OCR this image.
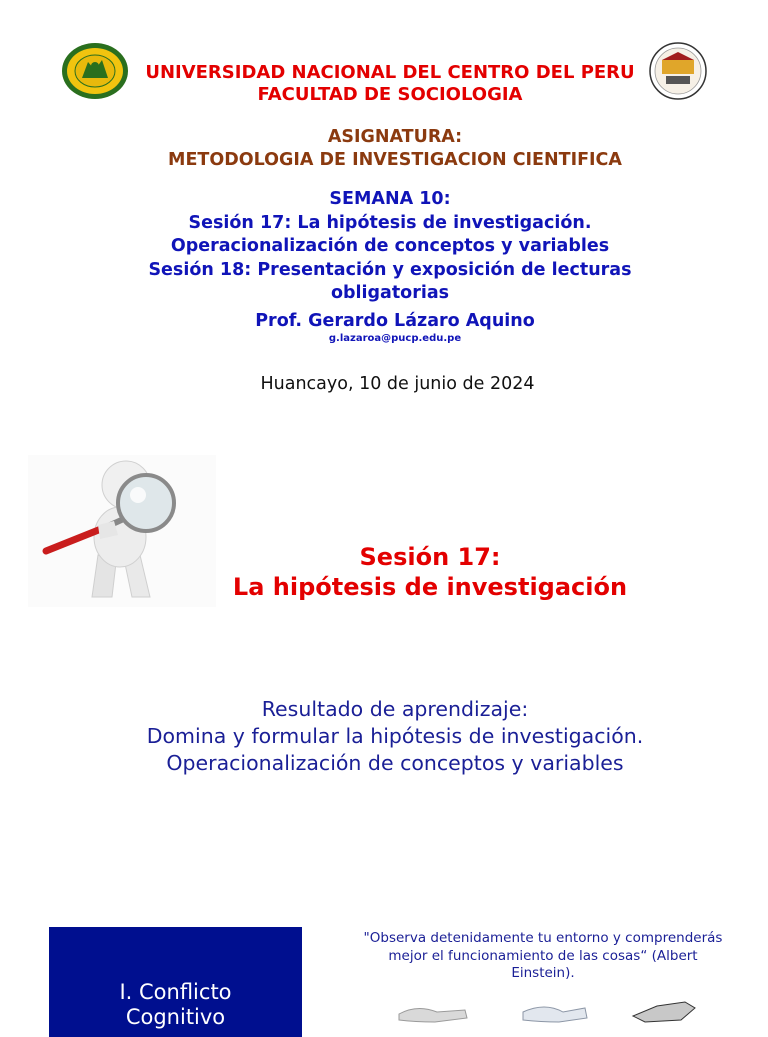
UNIVERSIDAD NACIONAL DEL CENTRO DEL PERU
FACULTAD DE SOCIOLOGIA
ASIGNATURA:
METODOLOGIA DE INVESTIGACION CIENTIFICA
SEMANA 10:
Sesión 17: La hipótesis de investigación.
Operacionalización de conceptos y variables
Sesión 18: Presentación y exposición de lecturas
obligatorias
Prof. Gerardo Lázaro Aquino
g.lazaroa@pucp.edu.pe
Huancayo, 10 de junio de 2024
Sesión 17:
La hipótesis de investigación
Resultado de aprendizaje:
Domina y formular la hipótesis de investigación.
Operacionalización de conceptos y variables
I. Conflicto
Cognitivo
"Observa detenidamente tu entorno y comprenderás mejor el funcionamiento de las cosas“ (Albert Einstein).
